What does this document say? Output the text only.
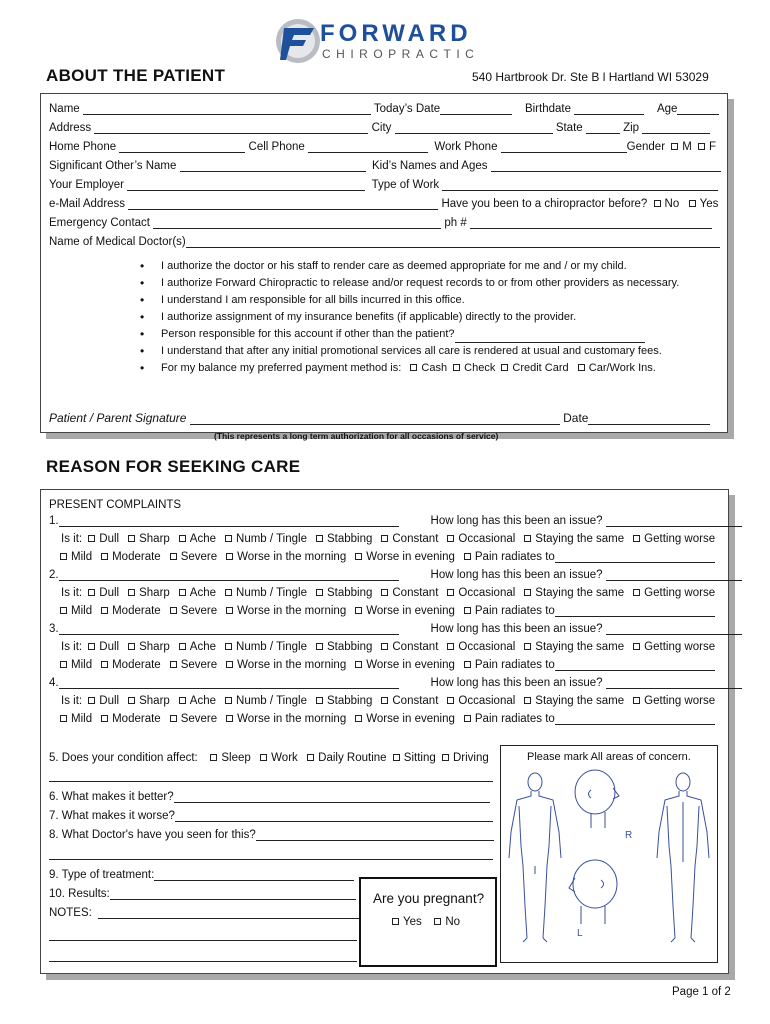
FORWARD
CHIROPRACTIC
ABOUT THE PATIENT	540 Hartbrook Dr. Ste B l Hartland WI 53029
Name	Today’s Date	Birthdate	Age
Address	City	State	Zip
Home Phone	Cell Phone	Work Phone	Gender M F
Significant Other’s Name	Kid’s Names and Ages
Your Employer	Type of Work
e-Mail Address	Have you been to a chiropractor before? No Yes
Emergency Contact	ph #
Name of Medical Doctor(s)
• I authorize the doctor or his staff to render care as deemed appropriate for me and / or my child.
• I authorize Forward Chiropractic to release and/or request records to or from other providers as necessary.
• I understand I am responsible for all bills incurred in this office.
• I authorize assignment of my insurance benefits (if applicable) directly to the provider.
• Person responsible for this account if other than the patient?
• I understand that after any initial promotional services all care is rendered at usual and customary fees.
• For my balance my preferred payment method is: Cash Check Credit Card Car/Work Ins.
Patient / Parent Signature	Date
(This represents a long term authorization for all occasions of service)
REASON FOR SEEKING CARE
PRESENT COMPLAINTS
5. Does your condition affect: Sleep Work Daily Routine Sitting Driving
6. What makes it better?
7. What makes it worse?
8. What Doctor's have you seen for this?
9. Type of treatment:
10. Results:
NOTES:
Please mark All areas of concern.
R
L
Are you pregnant?
Yes No
1.	How long has this been an issue?
Is it: Dull Sharp Ache Numb / Tingle Stabbing Constant Occasional Staying the same Getting worse
Mild Moderate Severe Worse in the morning Worse in evening Pain radiates to
2.	How long has this been an issue?
Is it: Dull Sharp Ache Numb / Tingle Stabbing Constant Occasional Staying the same Getting worse
Mild Moderate Severe Worse in the morning Worse in evening Pain radiates to
3.	How long has this been an issue?
Is it: Dull Sharp Ache Numb / Tingle Stabbing Constant Occasional Staying the same Getting worse
Mild Moderate Severe Worse in the morning Worse in evening Pain radiates to
4.	How long has this been an issue?
Is it: Dull Sharp Ache Numb / Tingle Stabbing Constant Occasional Staying the same Getting worse
Mild Moderate Severe Worse in the morning Worse in evening Pain radiates to
Page 1 of 2
